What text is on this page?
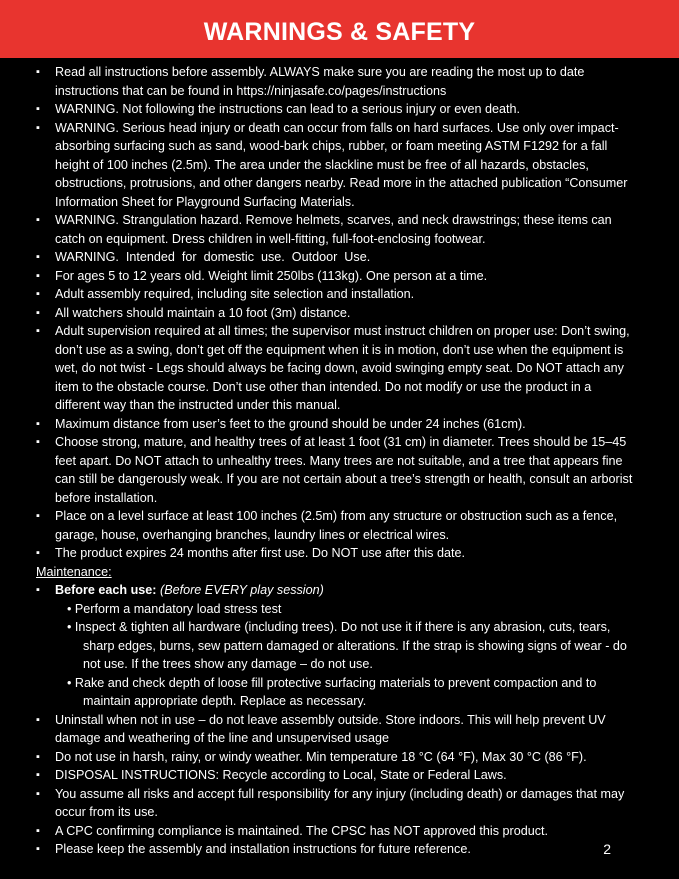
WARNINGS & SAFETY
▪ Read all instructions before assembly. ALWAYS make sure you are reading the most up to date instructions that can be found in https://ninjasafe.co/pages/instructions
▪ WARNING. Not following the instructions can lead to a serious injury or even death.
▪ WARNING. Serious head injury or death can occur from falls on hard surfaces. Use only over impact-absorbing surfacing such as sand, wood-bark chips, rubber, or foam meeting ASTM F1292 for a fall height of 100 inches (2.5m). The area under the slackline must be free of all hazards, obstacles, obstructions, protrusions, and other dangers nearby. Read more in the attached publication “Consumer Information Sheet for Playground Surfacing Materials.
▪ WARNING. Strangulation hazard. Remove helmets, scarves, and neck drawstrings; these items can catch on equipment. Dress children in well-fitting, full-foot-enclosing footwear.
▪ WARNING.  Intended  for  domestic  use.  Outdoor  Use.
▪ For ages 5 to 12 years old. Weight limit 250lbs (113kg). One person at a time.
▪ Adult assembly required, including site selection and installation.
▪ All watchers should maintain a 10 foot (3m) distance.
▪ Adult supervision required at all times; the supervisor must instruct children on proper use: Don’t swing, don’t use as a swing, don’t get off the equipment when it is in motion, don’t use when the equipment is wet, do not twist - Legs should always be facing down, avoid swinging empty seat. Do NOT attach any item to the obstacle course. Don’t use other than intended. Do not modify or use the product in a different way than the instructed under this manual.
▪ Maximum distance from user’s feet to the ground should be under 24 inches (61cm).
▪ Choose strong, mature, and healthy trees of at least 1 foot (31 cm) in diameter. Trees should be 15–45 feet apart. Do NOT attach to unhealthy trees. Many trees are not suitable, and a tree that appears fine can still be dangerously weak. If you are not certain about a tree’s strength or health, consult an arborist before installation.
▪ Place on a level surface at least 100 inches (2.5m) from any structure or obstruction such as a fence, garage, house, overhanging branches, laundry lines or electrical wires.
▪ The product expires 24 months after first use. Do NOT use after this date.
Maintenance:
▪ Before each use: (Before EVERY play session)
• Perform a mandatory load stress test
• Inspect & tighten all hardware (including trees). Do not use it if there is any abrasion, cuts, tears, sharp edges, burns, sew pattern damaged or alterations. If the strap is showing signs of wear - do not use. If the trees show any damage – do not use.
• Rake and check depth of loose fill protective surfacing materials to prevent compaction and to maintain appropriate depth. Replace as necessary.
▪ Uninstall when not in use – do not leave assembly outside. Store indoors. This will help prevent UV damage and weathering of the line and unsupervised usage
▪ Do not use in harsh, rainy, or windy weather. Min temperature 18 °C (64 °F), Max 30 °C (86 °F).
▪ DISPOSAL INSTRUCTIONS: Recycle according to Local, State or Federal Laws.
▪ You assume all risks and accept full responsibility for any injury (including death) or damages that may occur from its use.
▪ A CPC confirming compliance is maintained. The CPSC has NOT approved this product.
▪ Please keep the assembly and installation instructions for future reference.	2
